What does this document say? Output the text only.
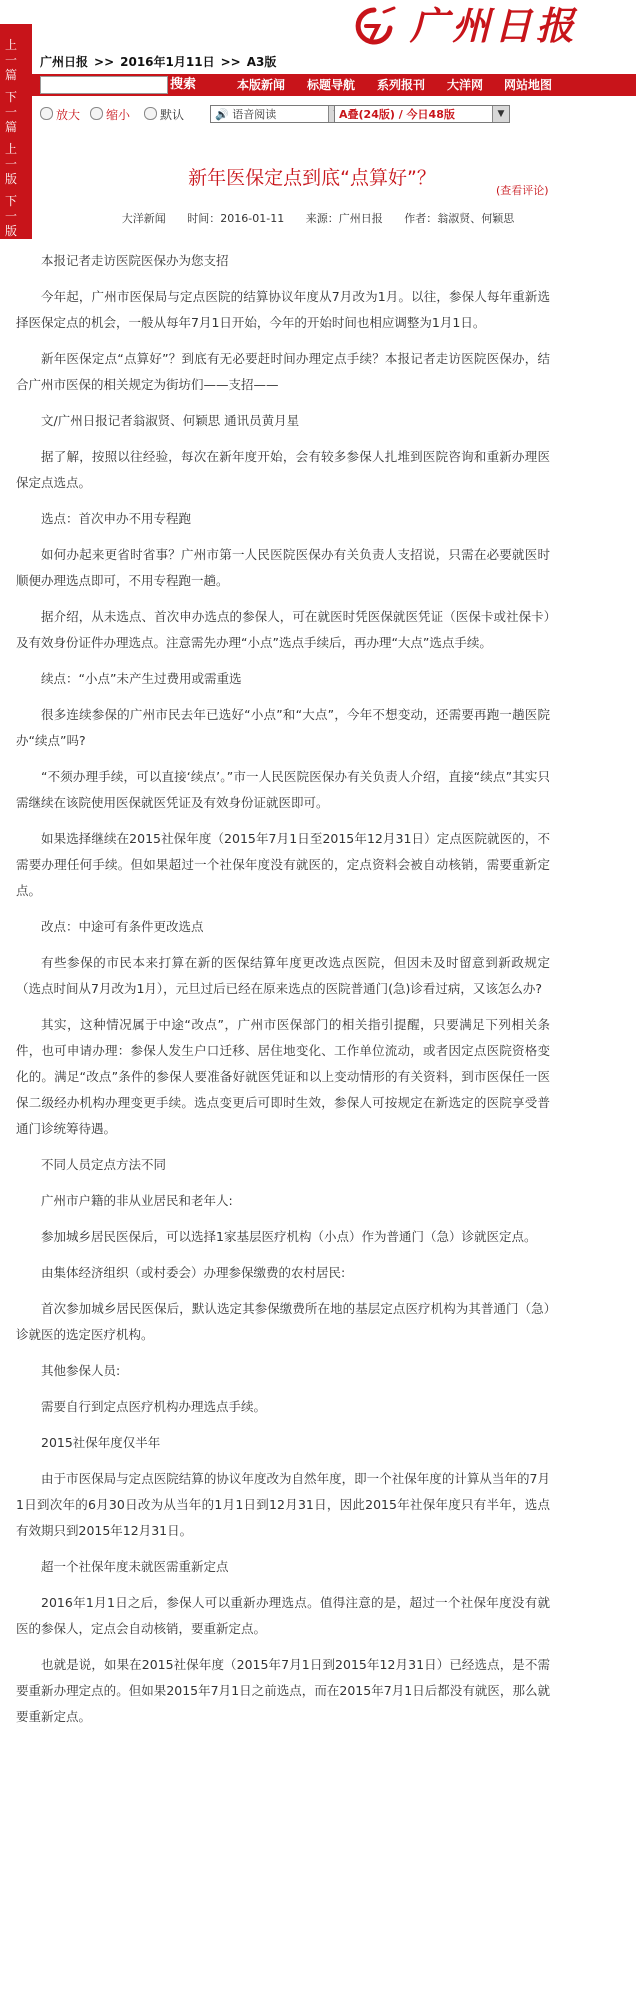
广州日报 >> 2016年1月11日 >> A3版
广州日报
上一篇
下一篇
上一版
下一版
搜索	本版新闻 标题导航 系列报刊 大洋网 网站地图
放大	缩小	默认	🔊 语音阅读	A叠(24版) / 今日48版	▼
新年医保定点到底“点算好”？
(查看评论)
大洋新闻 时间：2016-01-11 来源：广州日报 作者：翁淑贤、何颖思

本报记者走访医院医保办为您支招

今年起，广州市医保局与定点医院的结算协议年度从7月改为1月。以往，参保人每年重新选择医保定点的机会，一般从每年7月1日开始，今年的开始时间也相应调整为1月1日。

新年医保定点“点算好”？到底有无必要赶时间办理定点手续？本报记者走访医院医保办，结合广州市医保的相关规定为街坊们——支招——

文/广州日报记者翁淑贤、何颖思 通讯员黄月星

据了解，按照以往经验，每次在新年度开始，会有较多参保人扎堆到医院咨询和重新办理医保定点选点。

选点：首次申办不用专程跑

如何办起来更省时省事？广州市第一人民医院医保办有关负责人支招说，只需在必要就医时顺便办理选点即可，不用专程跑一趟。

据介绍，从未选点、首次申办选点的参保人，可在就医时凭医保就医凭证（医保卡或社保卡）及有效身份证件办理选点。注意需先办理“小点”选点手续后，再办理“大点”选点手续。

续点：“小点”未产生过费用或需重选

很多连续参保的广州市民去年已选好“小点”和“大点”，今年不想变动，还需要再跑一趟医院办“续点”吗?

“不须办理手续，可以直接‘续点’。”市一人民医院医保办有关负责人介绍，直接“续点”其实只需继续在该院使用医保就医凭证及有效身份证就医即可。

如果选择继续在2015社保年度（2015年7月1日至2015年12月31日）定点医院就医的，不需要办理任何手续。但如果超过一个社保年度没有就医的，定点资料会被自动核销，需要重新定点。

改点：中途可有条件更改选点

有些参保的市民本来打算在新的医保结算年度更改选点医院，但因未及时留意到新政规定（选点时间从7月改为1月），元旦过后已经在原来选点的医院普通门(急)诊看过病，又该怎么办?

其实，这种情况属于中途“改点”，广州市医保部门的相关指引提醒，只要满足下列相关条件，也可申请办理：参保人发生户口迁移、居住地变化、工作单位流动，或者因定点医院资格变化的。满足“改点”条件的参保人要准备好就医凭证和以上变动情形的有关资料，到市医保任一医保二级经办机构办理变更手续。选点变更后可即时生效，参保人可按规定在新选定的医院享受普通门诊统筹待遇。

不同人员定点方法不同

广州市户籍的非从业居民和老年人:

参加城乡居民医保后，可以选择1家基层医疗机构（小点）作为普通门（急）诊就医定点。

由集体经济组织（或村委会）办理参保缴费的农村居民:

首次参加城乡居民医保后，默认选定其参保缴费所在地的基层定点医疗机构为其普通门（急）诊就医的选定医疗机构。

其他参保人员:

需要自行到定点医疗机构办理选点手续。

2015社保年度仅半年

由于市医保局与定点医院结算的协议年度改为自然年度，即一个社保年度的计算从当年的7月1日到次年的6月30日改为从当年的1月1日到12月31日，因此2015年社保年度只有半年，选点有效期只到2015年12月31日。

超一个社保年度未就医需重新定点

2016年1月1日之后，参保人可以重新办理选点。值得注意的是，超过一个社保年度没有就医的参保人，定点会自动核销，要重新定点。

也就是说，如果在2015社保年度（2015年7月1日到2015年12月31日）已经选点，是不需要重新办理定点的。但如果2015年7月1日之前选点，而在2015年7月1日后都没有就医，那么就要重新定点。
